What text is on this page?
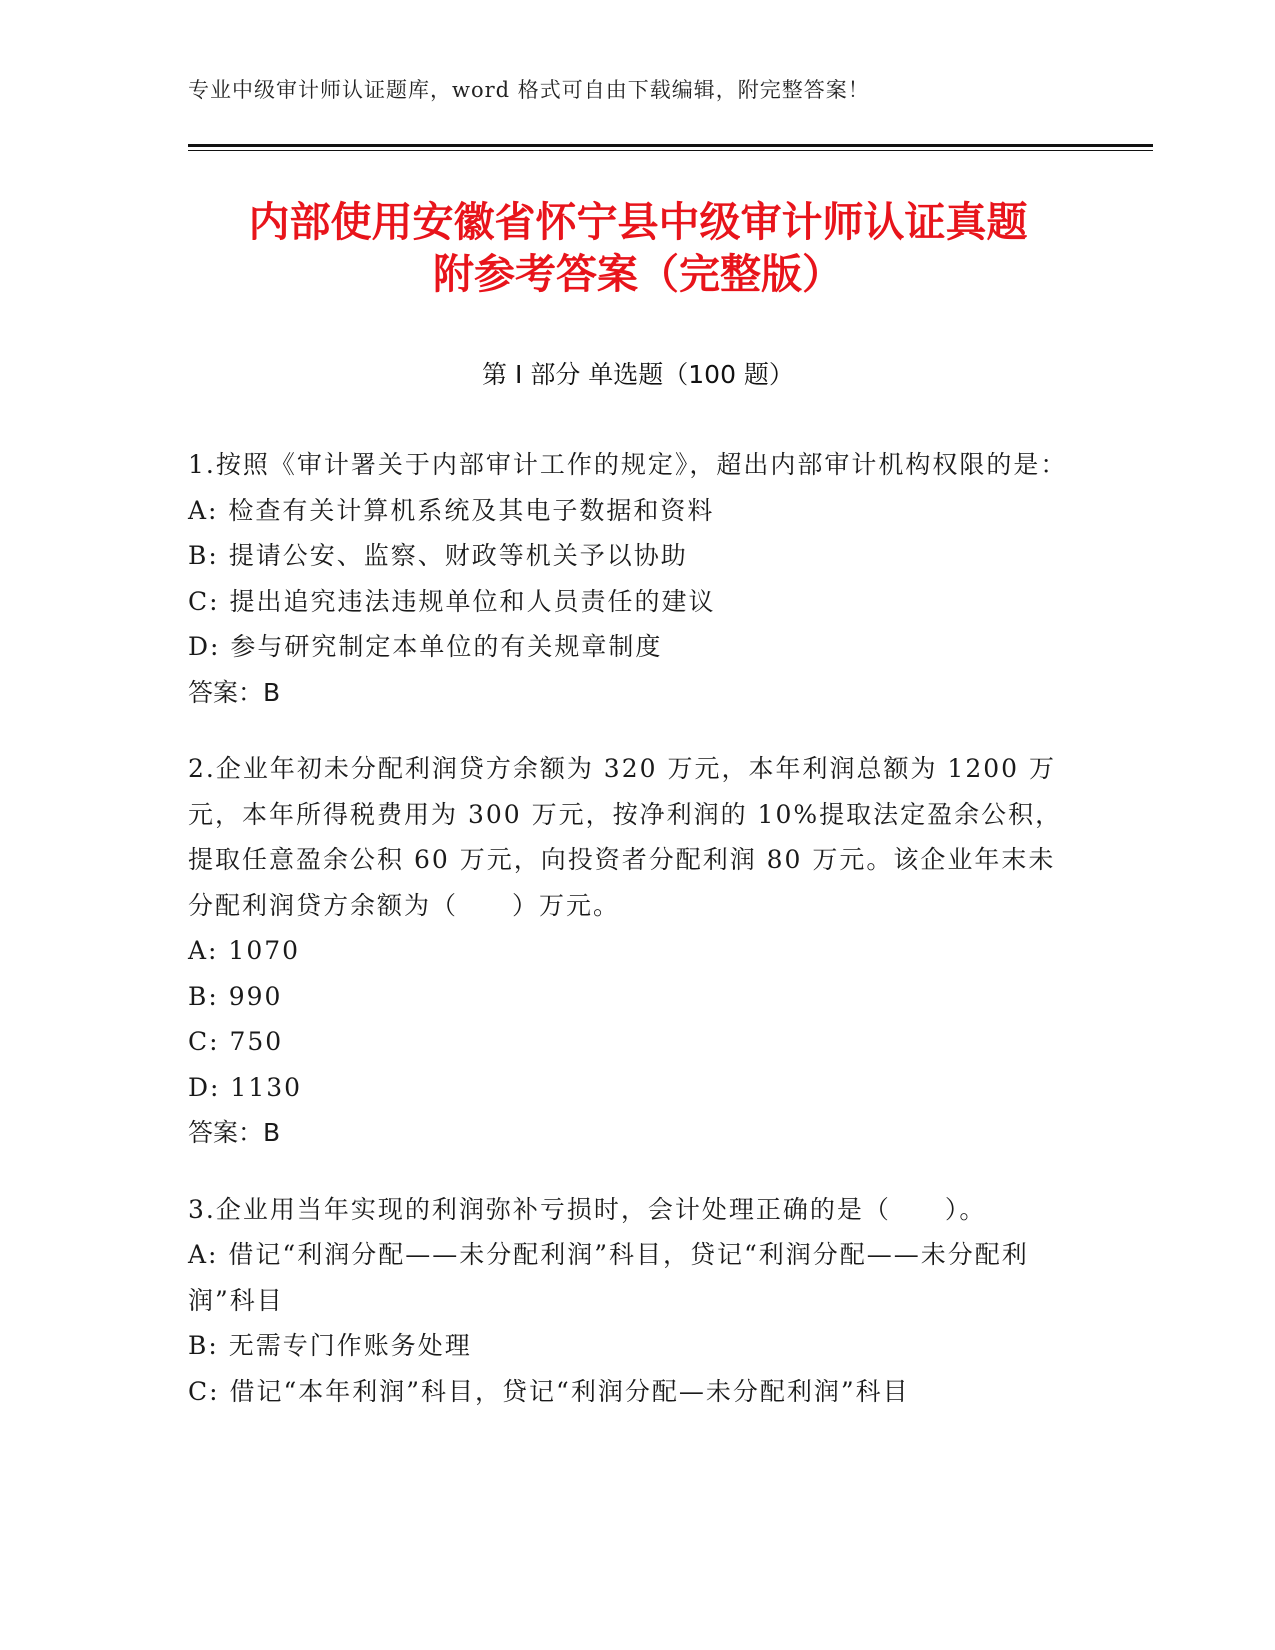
专业中级审计师认证题库，word 格式可自由下载编辑，附完整答案！
内部使用安徽省怀宁县中级审计师认证真题
附参考答案（完整版）
第 I 部分 单选题（100 题）

1.按照《审计署关于内部审计工作的规定》，超出内部审计机构权限的是：

A: 检查有关计算机系统及其电子数据和资料

B: 提请公安、监察、财政等机关予以协助

C: 提出追究违法违规单位和人员责任的建议

D: 参与研究制定本单位的有关规章制度

答案：B

2.企业年初未分配利润贷方余额为 320 万元，本年利润总额为 1200 万元，本年所得税费用为 300 万元，按净利润的 10%提取法定盈余公积，提取任意盈余公积 60 万元，向投资者分配利润 80 万元。该企业年末未分配利润贷方余额为（　　）万元。

A: 1070

B: 990

C: 750

D: 1130

答案：B

3.企业用当年实现的利润弥补亏损时，会计处理正确的是（　　）。

A: 借记“利润分配——未分配利润”科目，贷记“利润分配——未分配利润”科目

B: 无需专门作账务处理

C: 借记“本年利润”科目，贷记“利润分配—未分配利润”科目
